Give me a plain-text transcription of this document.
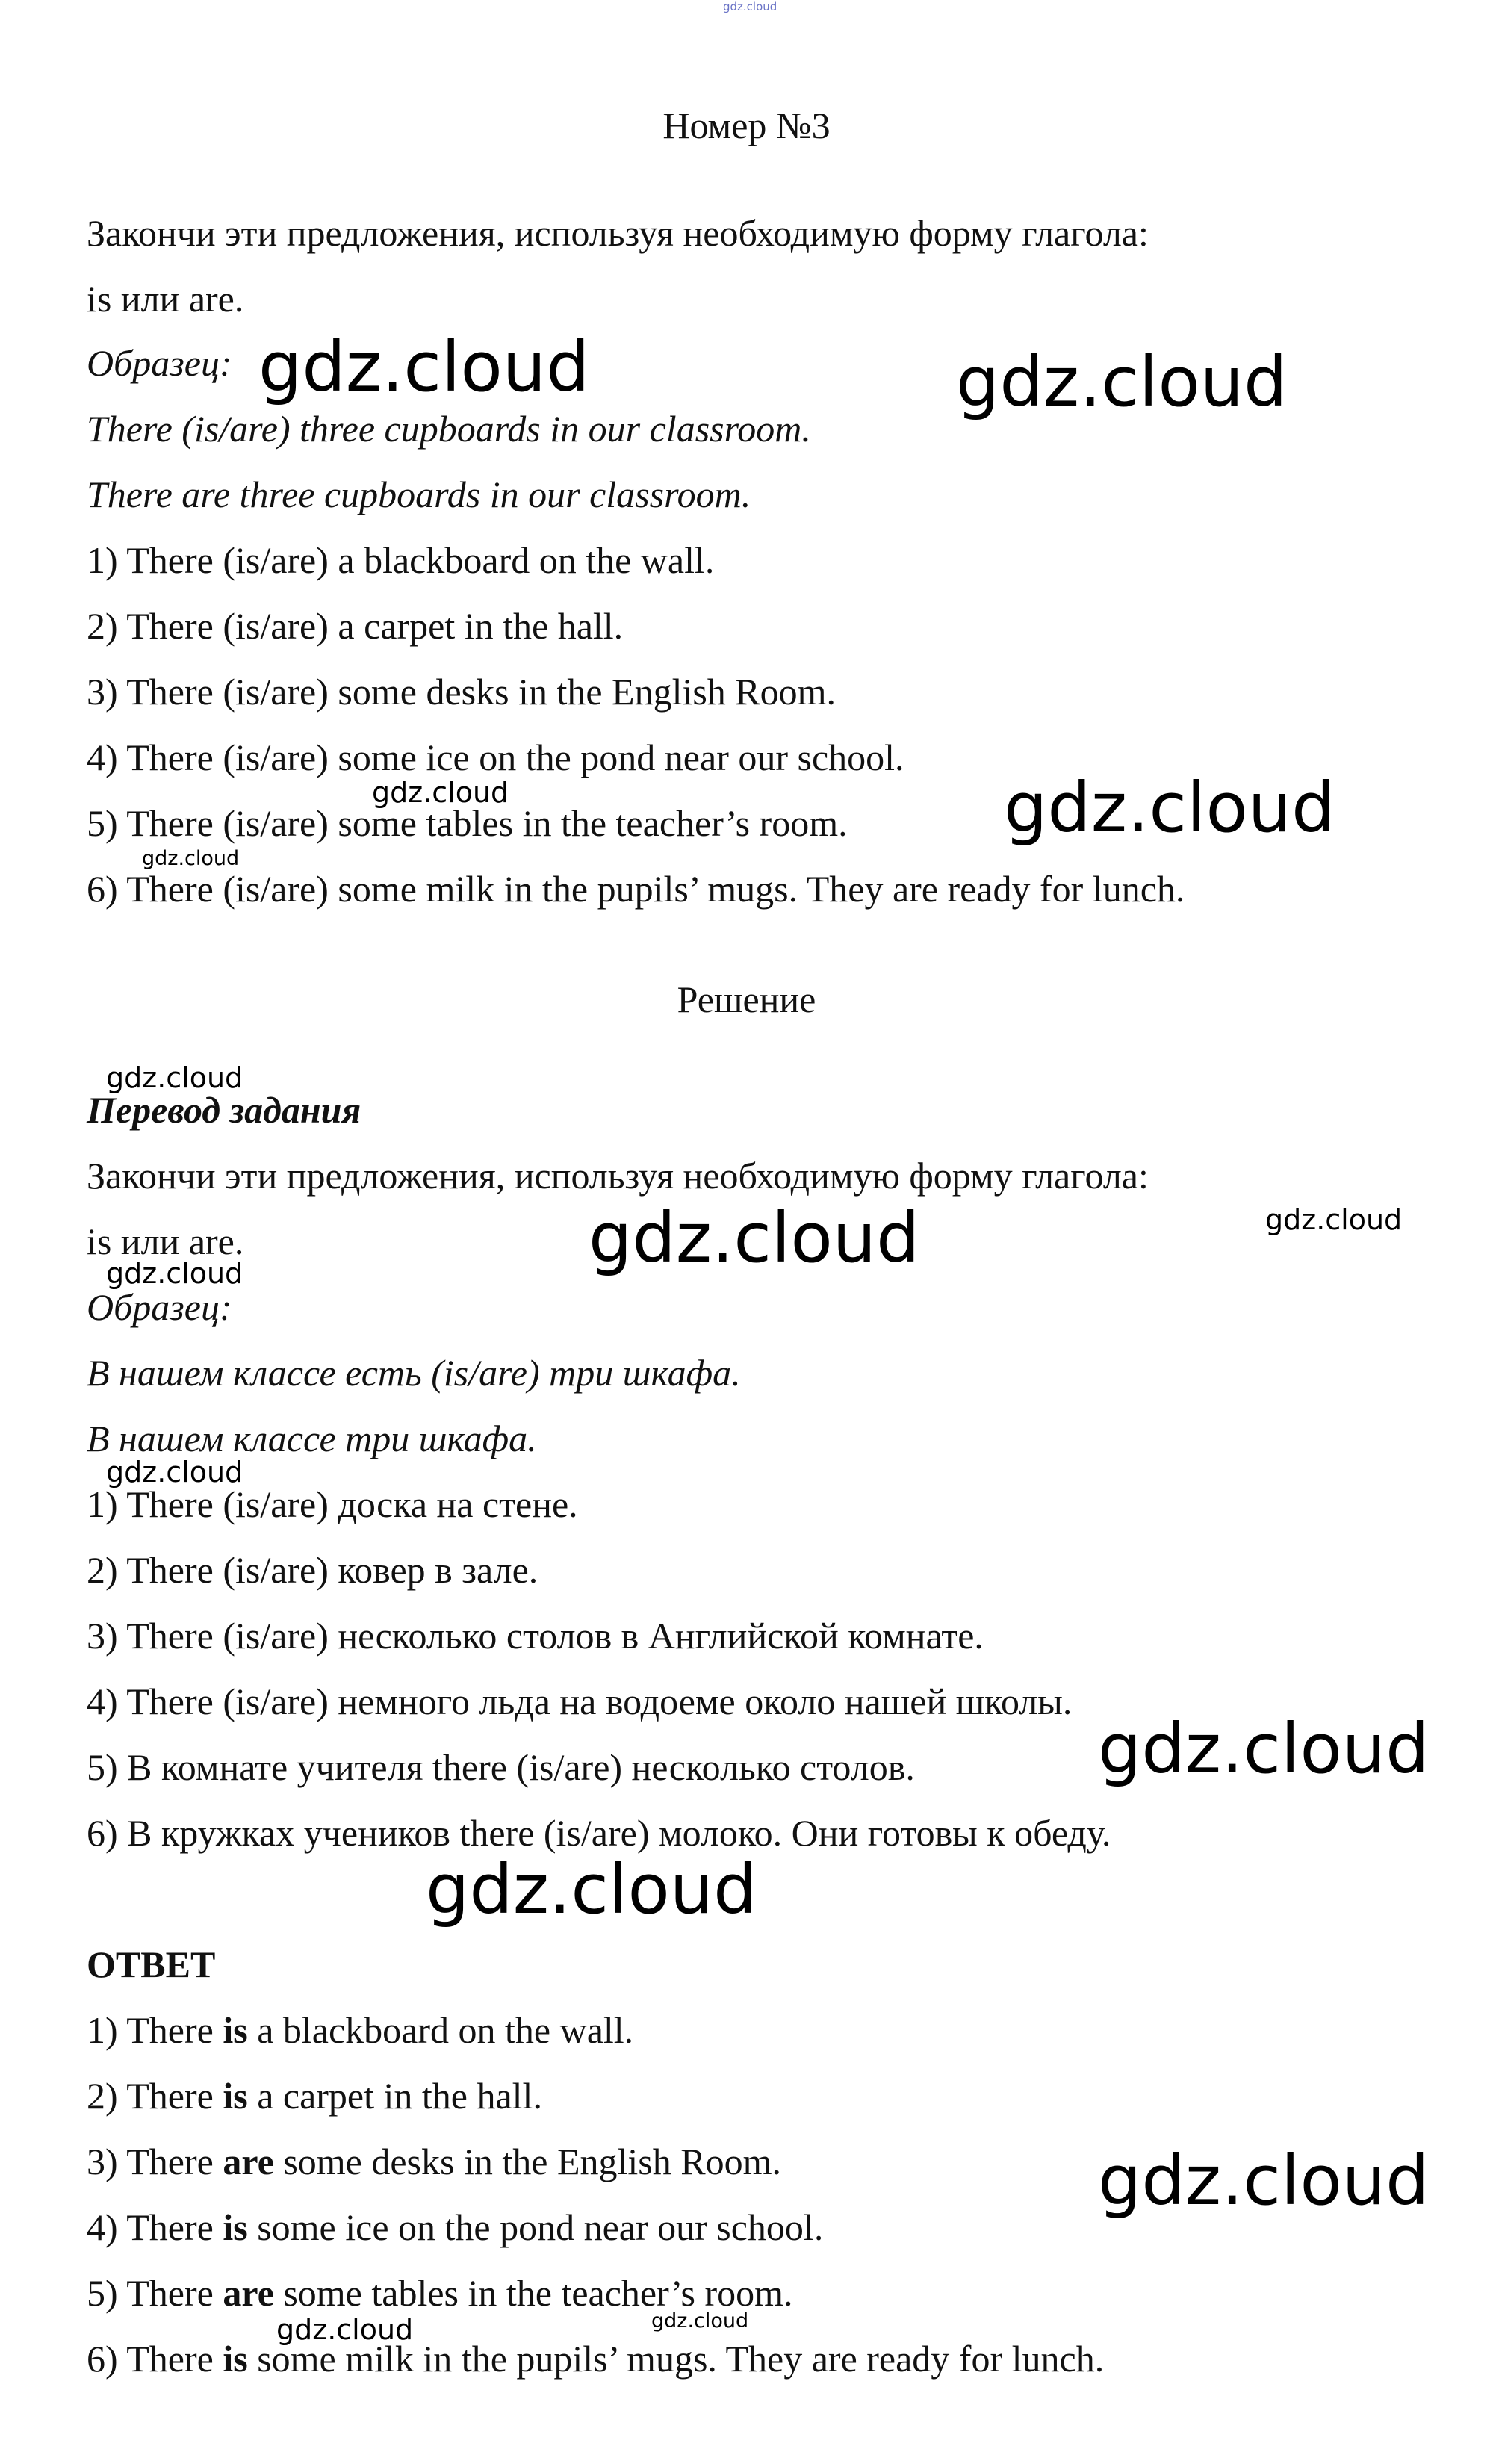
Номер №3
Закончи эти предложения, используя необходимую форму глагола:
is или are.
Образец:
There (is/are) three cupboards in our classroom.
There are three cupboards in our classroom.
1) There (is/are) a blackboard on the wall.
2) There (is/are) a carpet in the hall.
3) There (is/are) some desks in the English Room.
4) There (is/are) some ice on the pond near our school.
5) There (is/are) some tables in the teacher’s room.
6) There (is/are) some milk in the pupils’ mugs. They are ready for lunch.
Решение
Перевод задания
Закончи эти предложения, используя необходимую форму глагола:
is или are.
Образец:
В нашем классе есть (is/are) три шкафа.
В нашем классе три шкафа.
1) There (is/are) доска на стене.
2) There (is/are) ковер в зале.
3) There (is/are) несколько столов в Английской комнате.
4) There (is/are) немного льда на водоеме около нашей школы.
5) В комнате учителя there (is/are) несколько столов.
6) В кружках учеников there (is/are) молоко. Они готовы к обеду.
ОТВЕТ
1) There is a blackboard on the wall.
2) There is a carpet in the hall.
3) There are some desks in the English Room.
4) There is some ice on the pond near our school.
5) There are some tables in the teacher’s room.
6) There is some milk in the pupils’ mugs. They are ready for lunch.
gdz.cloud
gdz.cloud	gdz.cloud
gdz.cloud	gdz.cloud
gdz.cloud
gdz.cloud
gdz.cloud	gdz.cloud
gdz.cloud
gdz.cloud
gdz.cloud
gdz.cloud
gdz.cloud
gdz.cloud	gdz.cloud
